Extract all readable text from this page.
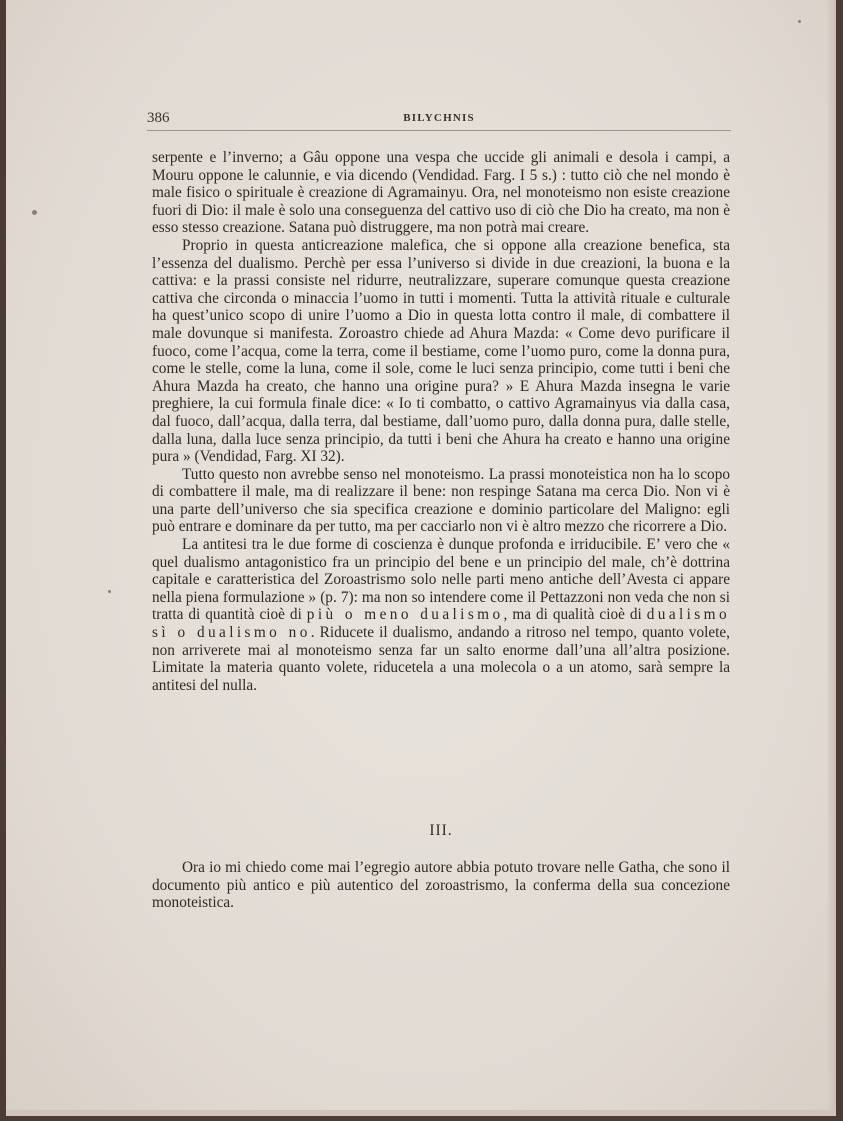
386	BILYCHNIS

serpente e l’inverno; a Gâu oppone una vespa che uccide gli animali e desola i campi, a Mouru oppone le calunnie, e via dicendo (Vendidad. Farg. I 5 s.) : tutto ciò che nel mondo è male fisico o spirituale è creazione di Agramainyu. Ora, nel monoteismo non esiste creazione fuori di Dio: il male è solo una conseguenza del cattivo uso di ciò che Dio ha creato, ma non è esso stesso creazione. Satana può distruggere, ma non potrà mai creare.

Proprio in questa anticreazione malefica, che si oppone alla creazione benefica, sta l’essenza del dualismo. Perchè per essa l’universo si divide in due creazioni, la buona e la cattiva: e la prassi consiste nel ridurre, neutralizzare, superare comunque questa creazione cattiva che circonda o minaccia l’uomo in tutti i momenti. Tutta la attività rituale e culturale ha quest’unico scopo di unire l’uomo a Dio in questa lotta contro il male, di combattere il male dovunque si manifesta. Zoroastro chiede ad Ahura Mazda: « Come devo purificare il fuoco, come l’acqua, come la terra, come il bestiame, come l’uomo puro, come la donna pura, come le stelle, come la luna, come il sole, come le luci senza principio, come tutti i beni che Ahura Mazda ha creato, che hanno una origine pura? » E Ahura Mazda insegna le varie preghiere, la cui formula finale dice: « Io ti combatto, o cattivo Agramainyus via dalla casa, dal fuoco, dall’acqua, dalla terra, dal bestiame, dall’uomo puro, dalla donna pura, dalle stelle, dalla luna, dalla luce senza principio, da tutti i beni che Ahura ha creato e hanno una origine pura » (Vendidad, Farg. XI 32).

Tutto questo non avrebbe senso nel monoteismo. La prassi monoteistica non ha lo scopo di combattere il male, ma di realizzare il bene: non respinge Satana ma cerca Dio. Non vi è una parte dell’universo che sia specifica creazione e dominio particolare del Maligno: egli può entrare e dominare da per tutto, ma per cacciarlo non vi è altro mezzo che ricorrere a Dio.

La antitesi tra le due forme di coscienza è dunque profonda e irriducibile. E’ vero che « quel dualismo antagonistico fra un principio del bene e un principio del male, ch’è dottrina capitale e caratteristica del Zoroastrismo solo nelle parti meno antiche dell’Avesta ci appare nella piena formulazione » (p. 7): ma non so intendere come il Pettazzoni non veda che non si tratta di quantità cioè di più o meno dualismo, ma di qualità cioè di dualismo sì o dualismo no. Riducete il dualismo, andando a ritroso nel tempo, quanto volete, non arriverete mai al monoteismo senza far un salto enorme dall’una all’altra posizione. Limitate la materia quanto volete, riducetela a una molecola o a un atomo, sarà sempre la antitesi del nulla.

III.

Ora io mi chiedo come mai l’egregio autore abbia potuto trovare nelle Gatha, che sono il documento più antico e più autentico del zoroastrismo, la conferma della sua concezione monoteistica.
